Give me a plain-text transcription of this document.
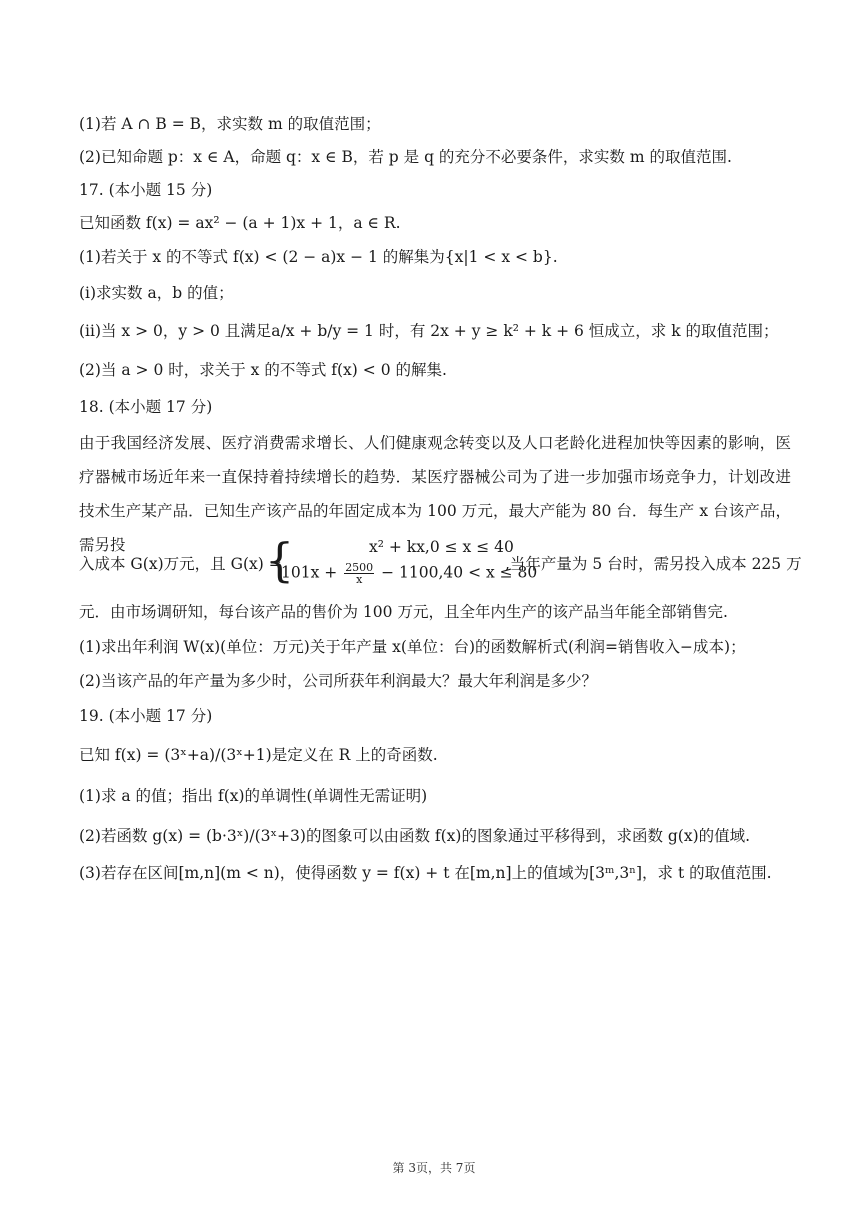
(1)若 A ∩ B = B，求实数 m 的取值范围；
(2)已知命题 p：x ∈ A，命题 q：x ∈ B，若 p 是 q 的充分不必要条件，求实数 m 的取值范围.
17. (本小题 15 分)
已知函数 f(x) = ax² − (a + 1)x + 1，a ∈ R.
(1)若关于 x 的不等式 f(x) < (2 − a)x − 1 的解集为{x|1 < x < b}.
(ⅰ)求实数 a，b 的值；
(ⅱ)当 x > 0，y > 0 且满足a/x + b/y = 1 时，有 2x + y ≥ k² + k + 6 恒成立，求 k 的取值范围；
(2)当 a > 0 时，求关于 x 的不等式 f(x) < 0 的解集.
18. (本小题 17 分)
由于我国经济发展、医疗消费需求增长、人们健康观念转变以及人口老龄化进程加快等因素的影响，医疗器械市场近年来一直保持着持续增长的趋势．某医疗器械公司为了进一步加强市场竞争力，计划改进技术生产某产品．已知生产该产品的年固定成本为 100 万元，最大产能为 80 台．每生产 x 台该产品，需另投
入成本 G(x)万元，且 G(x) =
{	x² + kx,0 ≤ x ≤ 40
$101x + \frac{2500}{x} - 1100,40 < x \le 80$
,当年产量为 5 台时，需另投入成本 225 万
元．由市场调研知，每台该产品的售价为 100 万元，且全年内生产的该产品当年能全部销售完.
(1)求出年利润 W(x)(单位：万元)关于年产量 x(单位：台)的函数解析式(利润=销售收入−成本)；
(2)当该产品的年产量为多少时，公司所获年利润最大？最大年利润是多少？
19. (本小题 17 分)
已知 f(x) = (3ˣ+a)/(3ˣ+1)是定义在 R 上的奇函数.
(1)求 a 的值；指出 f(x)的单调性(单调性无需证明)
(2)若函数 g(x) = (b·3ˣ)/(3ˣ+3)的图象可以由函数 f(x)的图象通过平移得到，求函数 g(x)的值域.
(3)若存在区间[m,n](m < n)，使得函数 y = f(x) + t 在[m,n]上的值域为[3ᵐ,3ⁿ]，求 t 的取值范围.
第 3页，共 7页
